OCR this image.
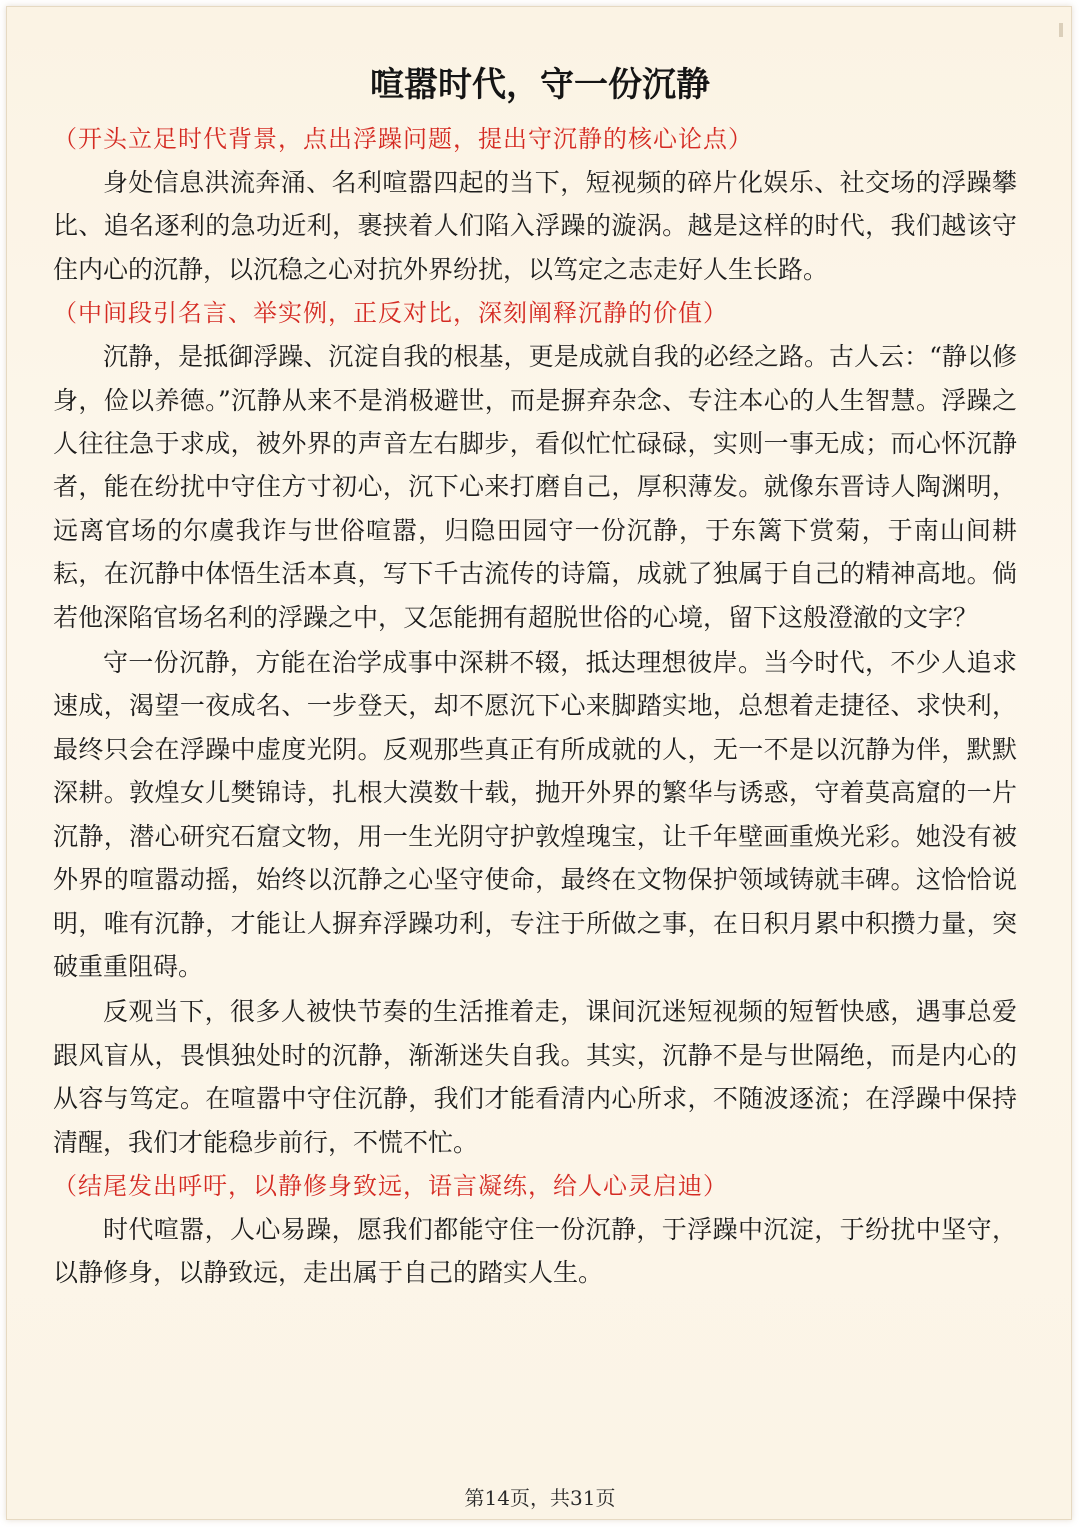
喧嚣时代，守一份沉静

（开头立足时代背景，点出浮躁问题，提出守沉静的核心论点）

身处信息洪流奔涌、名利喧嚣四起的当下，短视频的碎片化娱乐、社交场的浮躁攀比、追名逐利的急功近利，裹挟着人们陷入浮躁的漩涡。越是这样的时代，我们越该守住内心的沉静，以沉稳之心对抗外界纷扰，以笃定之志走好人生长路。

（中间段引名言、举实例，正反对比，深刻阐释沉静的价值）

沉静，是抵御浮躁、沉淀自我的根基，更是成就自我的必经之路。古人云：“静以修身，俭以养德。”沉静从来不是消极避世，而是摒弃杂念、专注本心的人生智慧。浮躁之人往往急于求成，被外界的声音左右脚步，看似忙忙碌碌，实则一事无成；而心怀沉静者，能在纷扰中守住方寸初心，沉下心来打磨自己，厚积薄发。就像东晋诗人陶渊明，远离官场的尔虞我诈与世俗喧嚣，归隐田园守一份沉静，于东篱下赏菊，于南山间耕耘，在沉静中体悟生活本真，写下千古流传的诗篇，成就了独属于自己的精神高地。倘若他深陷官场名利的浮躁之中，又怎能拥有超脱世俗的心境，留下这般澄澈的文字？

守一份沉静，方能在治学成事中深耕不辍，抵达理想彼岸。当今时代，不少人追求速成，渴望一夜成名、一步登天，却不愿沉下心来脚踏实地，总想着走捷径、求快利，最终只会在浮躁中虚度光阴。反观那些真正有所成就的人，无一不是以沉静为伴，默默深耕。敦煌女儿樊锦诗，扎根大漠数十载，抛开外界的繁华与诱惑，守着莫高窟的一片沉静，潜心研究石窟文物，用一生光阴守护敦煌瑰宝，让千年壁画重焕光彩。她没有被外界的喧嚣动摇，始终以沉静之心坚守使命，最终在文物保护领域铸就丰碑。这恰恰说明，唯有沉静，才能让人摒弃浮躁功利，专注于所做之事，在日积月累中积攒力量，突破重重阻碍。

反观当下，很多人被快节奏的生活推着走，课间沉迷短视频的短暂快感，遇事总爱跟风盲从，畏惧独处时的沉静，渐渐迷失自我。其实，沉静不是与世隔绝，而是内心的从容与笃定。在喧嚣中守住沉静，我们才能看清内心所求，不随波逐流；在浮躁中保持清醒，我们才能稳步前行，不慌不忙。

（结尾发出呼吁，以静修身致远，语言凝练，给人心灵启迪）

时代喧嚣，人心易躁，愿我们都能守住一份沉静，于浮躁中沉淀，于纷扰中坚守，以静修身，以静致远，走出属于自己的踏实人生。

第14页，共31页
